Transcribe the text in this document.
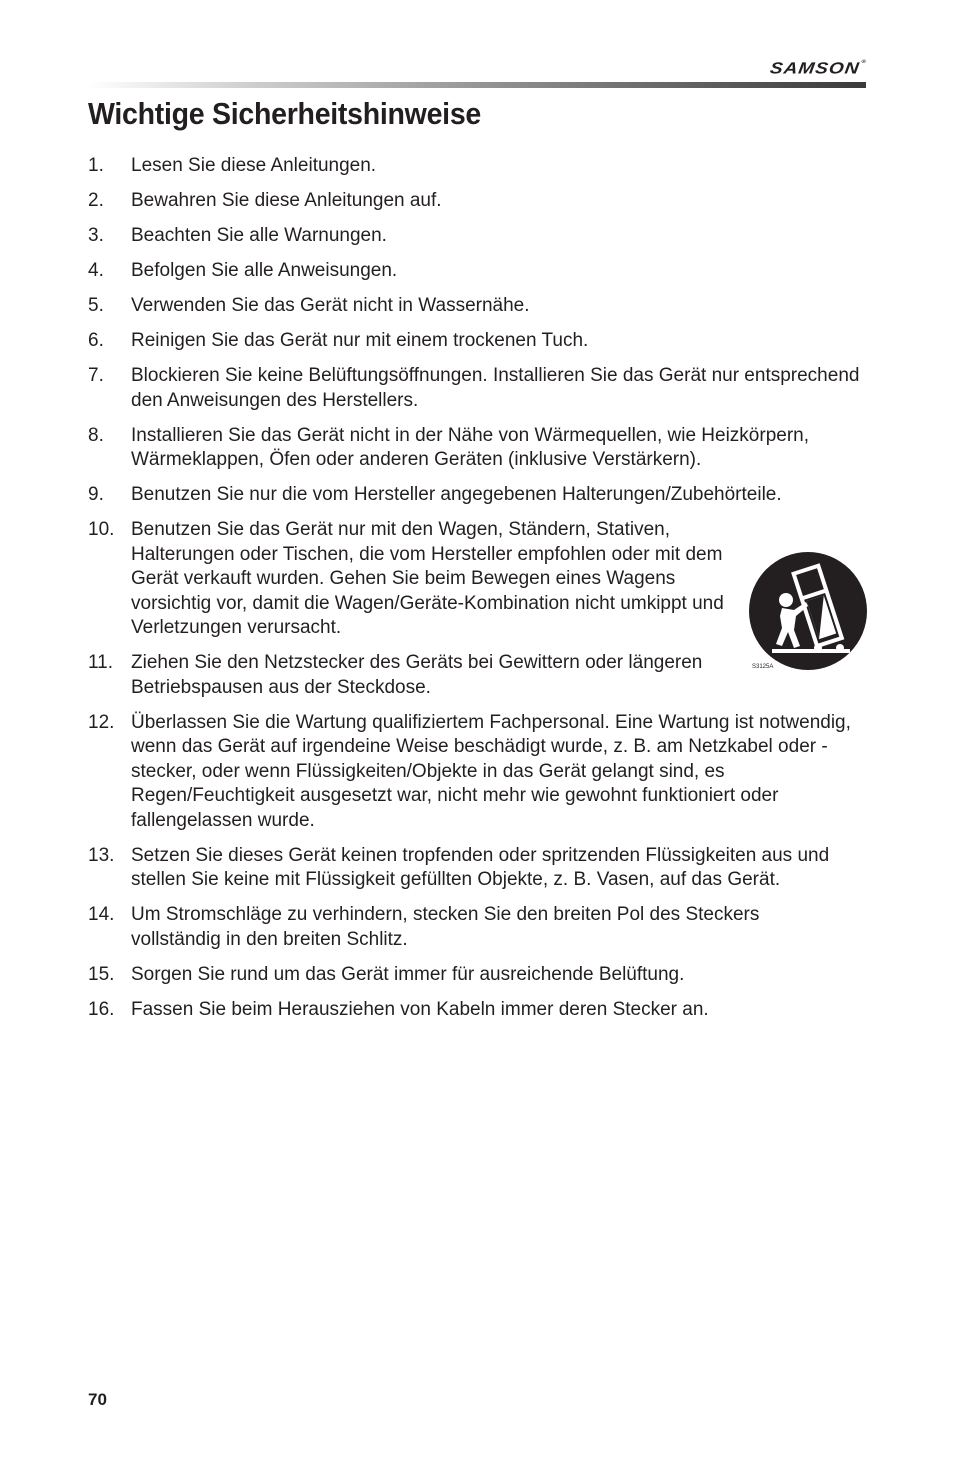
SAMSON®
Wichtige Sicherheitshinweise
1.	Lesen Sie diese Anleitungen.
2.	Bewahren Sie diese Anleitungen auf.
3.	Beachten Sie alle Warnungen.
4.	Befolgen Sie alle Anweisungen.
5.	Verwenden Sie das Gerät nicht in Wassernähe.
6.	Reinigen Sie das Gerät nur mit einem trockenen Tuch.
7.	Blockieren Sie keine Belüftungsöffnungen. Installieren Sie das Gerät nur entsprechend den Anweisungen des Herstellers.
8.	Installieren Sie das Gerät nicht in der Nähe von Wärmequellen, wie Heizkörpern, Wärmeklappen, Öfen oder anderen Geräten (inklusive Verstärkern).
9.	Benutzen Sie nur die vom Hersteller angegebenen Halterungen/Zubehörteile.
10. Benutzen Sie das Gerät nur mit den Wagen, Ständern, Stativen, Halterungen oder Tischen, die vom Hersteller empfohlen oder mit dem Gerät verkauft wurden. Gehen Sie beim Bewegen eines Wagens vorsichtig vor, damit die Wagen/Geräte-Kombination nicht umkippt und Verletzungen verursacht.
11. Ziehen Sie den Netzstecker des Geräts bei Gewittern oder längeren Betriebspausen aus der Steckdose.
12. Überlassen Sie die Wartung qualifiziertem Fachpersonal. Eine Wartung ist notwendig, wenn das Gerät auf irgendeine Weise beschädigt wurde, z. B. am Netzkabel oder -stecker, oder wenn Flüssigkeiten/Objekte in das Gerät gelangt sind, es Regen/Feuchtigkeit ausgesetzt war, nicht mehr wie gewohnt funktioniert oder fallengelassen wurde.
13. Setzen Sie dieses Gerät keinen tropfenden oder spritzenden Flüssigkeiten aus und stellen Sie keine mit Flüssigkeit gefüllten Objekte, z. B. Vasen, auf das Gerät.
14. Um Stromschläge zu verhindern, stecken Sie den breiten Pol des Steckers vollständig in den breiten Schlitz.
15. Sorgen Sie rund um das Gerät immer für ausreichende Belüftung.
16. Fassen Sie beim Herausziehen von Kabeln immer deren Stecker an.
S3125A
70
